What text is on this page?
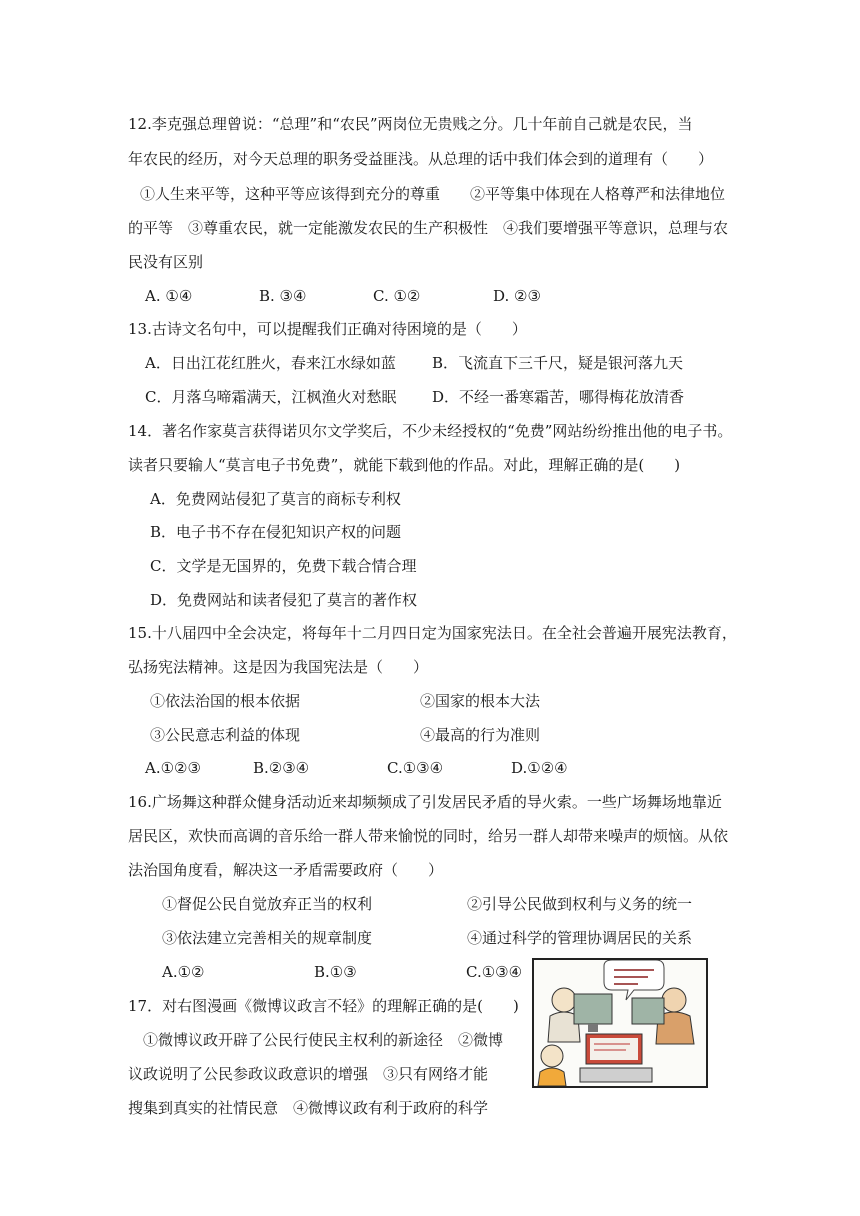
12.李克强总理曾说：“总理”和“农民”两岗位无贵贱之分。几十年前自己就是农民，当
年农民的经历，对今天总理的职务受益匪浅。从总理的话中我们体会到的道理有（　　）
①人生来平等，这种平等应该得到充分的尊重　　②平等集中体现在人格尊严和法律地位
的平等　③尊重农民，就一定能激发农民的生产积极性　④我们要增强平等意识，总理与农
民没有区别
A. ①④	B. ③④	C. ①②	D. ②③
13.古诗文名句中，可以提醒我们正确对待困境的是（　　）
A．日出江花红胜火，春来江水绿如蓝 B．飞流直下三千尺，疑是银河落九天
C．月落乌啼霜满天，江枫渔火对愁眠 D．不经一番寒霜苦，哪得梅花放清香
14．著名作家莫言获得诺贝尔文学奖后，不少未经授权的“免费”网站纷纷推出他的电子书。
读者只要输人“莫言电子书免费”，就能下载到他的作品。对此，理解正确的是(　　)
A．免费网站侵犯了莫言的商标专利权
B．电子书不存在侵犯知识产权的问题
C．文学是无国界的，免费下载合情合理
D．免费网站和读者侵犯了莫言的著作权
15.十八届四中全会决定，将每年十二月四日定为国家宪法日。在全社会普遍开展宪法教育，
弘扬宪法精神。这是因为我国宪法是（　　）
①依法治国的根本依据	②国家的根本大法
③公民意志利益的体现	④最高的行为准则
A.①②③	B.②③④	C.①③④	D.①②④
16.广场舞这种群众健身活动近来却频频成了引发居民矛盾的导火索。一些广场舞场地靠近
居民区，欢快而高调的音乐给一群人带来愉悦的同时，给另一群人却带来噪声的烦恼。从依
法治国角度看，解决这一矛盾需要政府（　　）
①督促公民自觉放弃正当的权利	②引导公民做到权利与义务的统一
③依法建立完善相关的规章制度	④通过科学的管理协调居民的关系
A.①②	B.①③	C.①③④
17．对右图漫画《微博议政言不轻》的理解正确的是(　　)
①微博议政开辟了公民行使民主权利的新途径　②微博
议政说明了公民参政议政意识的增强　③只有网络才能
搜集到真实的社情民意　④微博议政有利于政府的科学
